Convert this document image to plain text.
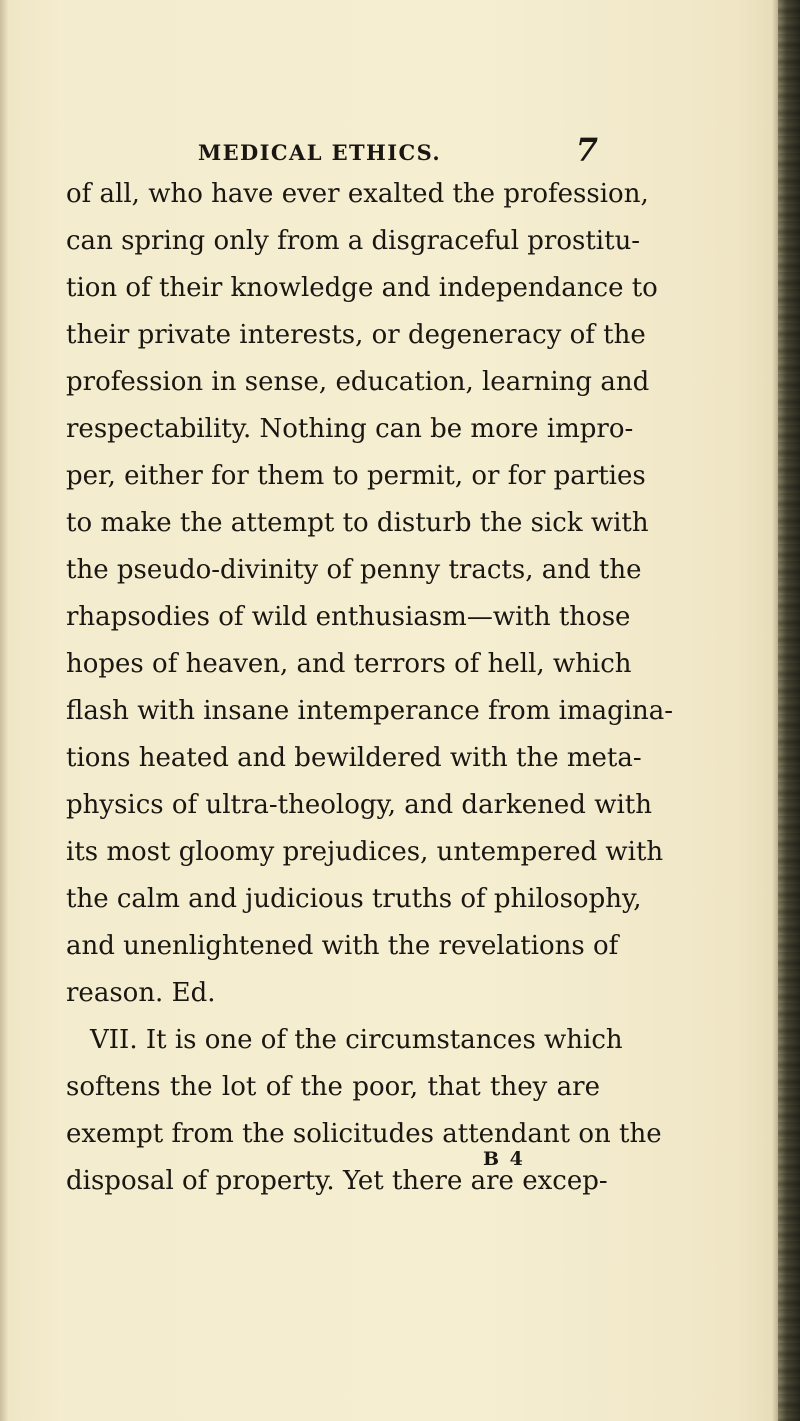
MEDICAL ETHICS.	7
of all, who have ever exalted the profession,
can spring only from a disgraceful prostitu-
tion of their knowledge and independance to
their private interests, or degeneracy of the
profession in sense, education, learning and
respectability. Nothing can be more impro-
per, either for them to permit, or for parties
to make the attempt to disturb the sick with
the pseudo-divinity of penny tracts, and the
rhapsodies of wild enthusiasm—with those
hopes of heaven, and terrors of hell, which
flash with insane intemperance from imagina-
tions heated and bewildered with the meta-
physics of ultra-theology, and darkened with
its most gloomy prejudices, untempered with
the calm and judicious truths of philosophy,
and unenlightened with the revelations of
reason. Ed.
VII. It is one of the circumstances which
softens the lot of the poor, that they are
exempt from the solicitudes attendant on the
disposal of property. Yet there are excep-
B 4
